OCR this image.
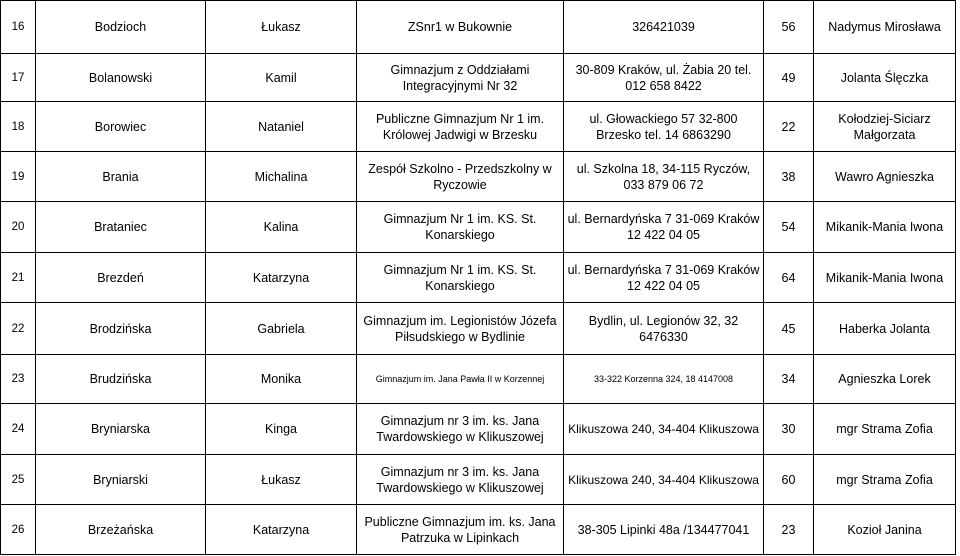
16	Bodzioch	Łukasz	ZSnr1 w Bukownie	326421039	56	Nadymus Mirosława
17	Bolanowski	Kamil	Gimnazjum z Oddziałami Integracyjnymi Nr 32	30-809 Kraków, ul. Żabia 20 tel. 012 658 8422	49	Jolanta Ślęczka
18	Borowiec	Nataniel	Publiczne Gimnazjum Nr 1 im. Królowej Jadwigi w Brzesku	ul. Głowackiego 57 32-800 Brzesko tel. 14 6863290	22	Kołodziej-Siciarz Małgorzata
19	Brania	Michalina	Zespół Szkolno - Przedszkolny w Ryczowie	ul. Szkolna 18, 34-115 Ryczów, 033 879 06 72	38	Wawro Agnieszka
20	Brataniec	Kalina	Gimnazjum Nr 1 im. KS. St. Konarskiego	ul. Bernardyńska 7 31-069 Kraków 12 422 04 05	54	Mikanik-Mania Iwona
21	Brezdeń	Katarzyna	Gimnazjum Nr 1 im. KS. St. Konarskiego	ul. Bernardyńska 7 31-069 Kraków 12 422 04 05	64	Mikanik-Mania Iwona
22	Brodzińska	Gabriela	Gimnazjum im. Legionistów Józefa Piłsudskiego w Bydlinie	Bydlin, ul. Legionów 32, 32 6476330	45	Haberka Jolanta
23	Brudzińska	Monika	Gimnazjum im. Jana Pawła II w Korzennej	33-322 Korzenna 324, 18 4147008	34	Agnieszka Lorek
24	Bryniarska	Kinga	Gimnazjum nr 3 im. ks. Jana Twardowskiego w Klikuszowej	Klikuszowa 240, 34-404 Klikuszowa	30	mgr Strama Zofia
25	Bryniarski	Łukasz	Gimnazjum nr 3 im. ks. Jana Twardowskiego w Klikuszowej	Klikuszowa 240, 34-404 Klikuszowa	60	mgr Strama Zofia
26	Brzeżańska	Katarzyna	Publiczne Gimnazjum im. ks. Jana Patrzuka w Lipinkach	38-305 Lipinki 48a /134477041	23	Kozioł Janina
